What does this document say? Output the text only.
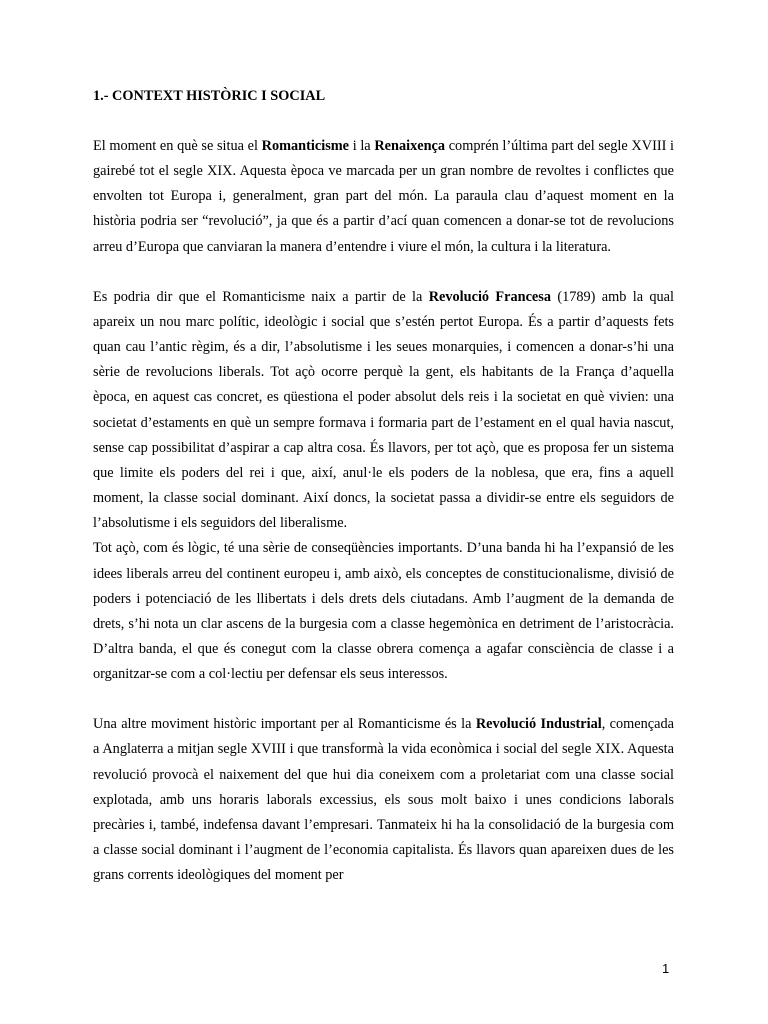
1.- CONTEXT HISTÒRIC I SOCIAL

El moment en què se situa el Romanticisme i la Renaixença comprén l’última part del segle XVIII i gairebé tot el segle XIX. Aquesta època ve marcada per un gran nombre de revoltes i conflictes que envolten tot Europa i, generalment, gran part del món. La paraula clau d’aquest moment en la història podria ser “revolució”, ja que és a partir d’ací quan comencen a donar-se tot de revolucions arreu d’Europa que canviaran la manera d’entendre i viure el món, la cultura i la literatura.

Es podria dir que el Romanticisme naix a partir de la Revolució Francesa (1789) amb la qual apareix un nou marc polític, ideològic i social que s’estén pertot Europa. És a partir d’aquests fets quan cau l’antic règim, és a dir, l’absolutisme i les seues monarquies, i comencen a donar-s’hi una sèrie de revolucions liberals. Tot açò ocorre perquè la gent, els habitants de la França d’aquella època, en aquest cas concret, es qüestiona el poder absolut dels reis i la societat en què vivien: una societat d’estaments en què un sempre formava i formaria part de l’estament en el qual havia nascut, sense cap possibilitat d’aspirar a cap altra cosa. És llavors, per tot açò, que es proposa fer un sistema que limite els poders del rei i que, així, anul·le els poders de la noblesa, que era, fins a aquell moment, la classe social dominant. Així doncs, la societat passa a dividir-se entre els seguidors de l’absolutisme i els seguidors del liberalisme.

Tot açò, com és lògic, té una sèrie de conseqüències importants. D’una banda hi ha l’expansió de les idees liberals arreu del continent europeu i, amb això, els conceptes de constitucionalisme, divisió de poders i potenciació de les llibertats i dels drets dels ciutadans. Amb l’augment de la demanda de drets, s’hi nota un clar ascens de la burgesia com a classe hegemònica en detriment de l’aristocràcia. D’altra banda, el que és conegut com la classe obrera comença a agafar consciència de classe i a organitzar-se com a col·lectiu per defensar els seus interessos.

Una altre moviment històric important per al Romanticisme és la Revolució Industrial, començada a Anglaterra a mitjan segle XVIII i que transformà la vida econòmica i social del segle XIX. Aquesta revolució provocà el naixement del que hui dia coneixem com a proletariat com una classe social explotada, amb uns horaris laborals excessius, els sous molt baixo i unes condicions laborals precàries i, també, indefensa davant l’empresari. Tanmateix hi ha la consolidació de la burgesia com a classe social dominant i l’augment de l’economia capitalista. És llavors quan apareixen dues de les grans corrents ideològiques del moment per

1
